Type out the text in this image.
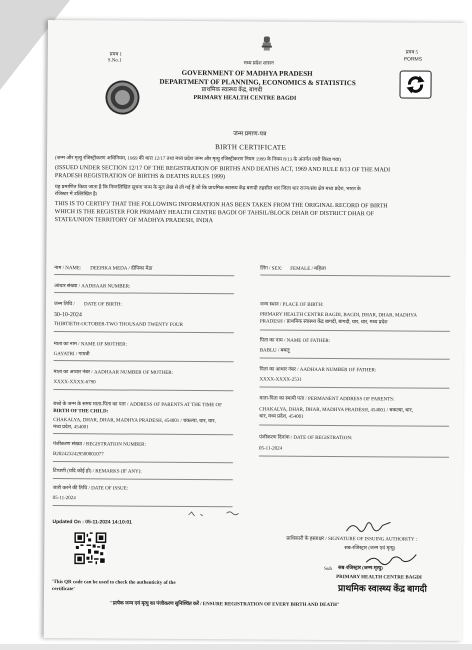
प्रपत्र 1
S.No.1
प्रपत्र 5
PORMS
मध्य प्रदेश शासन
GOVERNMENT OF MADHYA PRADESH
DEPARTMENT OF PLANNING, ECONOMICS & STATISTICS
प्राथमिक स्वास्थ्य केंद्र, बागदी
PRIMARY HEALTH CENTRE BAGDI
जन्म प्रमाण-पत्र
BIRTH CERTIFICATE
(जन्म और मृत्यु रजिस्ट्रीकरण अधिनियम, 1969 की धारा 12/17 तथा मध्य प्रदेश जन्म और मृत्यु रजिस्ट्रीकरण नियम 1999 के नियम 8/13 के अंतर्गत जारी किया गया)
(ISSUED UNDER SECTION 12/17 OF THE REGISTRATION OF BIRTHS AND DEATHS ACT, 1969 AND RULE 8/13 OF THE MADI
PRADESH REGISTRATION OF BIRTHS & DEATHS RULES 1999)
यह प्रमाणित किया जाता है कि निम्नलिखित सूचना जन्म के मूल लेख से ली गई है जो कि प्राथमिक स्वास्थ्य केंद्र बागदी तहसील धार जिला धार राज्य/संघ क्षेत्र मध्य प्रदेश, भारत के
रजिस्टर में उल्लिखित है।
THIS IS TO CERTIFY THAT THE FOLLOWING INFORMATION HAS BEEN TAKEN FROM THE ORIGINAL RECORD OF BIRTH
WHICH IS THE REGISTER FOR PRIMARY HEALTH CENTRE BAGDI OF TAHSIL/BLOCK DHAR OF DISTRICT DHAR OF
STATE/UNION TERRITORY OF MADHYA PRADESH, INDIA
नाम / NAME: DEEPIKA MEDA / दीपिका मेडा	लिंग / SEX: FEMALE / महिला
आधार संख्या / AADHAAR NUMBER:
जन्म तिथि / DATE OF BIRTH:
30-10-2024
THIRTIETH-OCTOBER-TWO THOUSAND TWENTY FOUR
जन्म स्थान / PLACE OF BIRTH:
PRIMARY HEALTH CENTRE BAGDI, BAGDI, DHAR, DHAR, MADHYA
PRADESH / प्राथमिक स्वास्थ्य केंद्र बागदी, बागदी, धार, धार, मध्य प्रदेश
माता का नाम / NAME OF MOTHER:
GAYATRI / गायत्री
पिता का नाम / NAME OF FATHER:
BABLU / बबलू
माता का आधार नंबर / AADHAAR NUMBER OF MOTHER:
XXXX-XXXX-6790
पिता का आधार नंबर / AADHAAR NUMBER OF FATHER:
XXXX-XXXX-2531
बच्चे के जन्म के समय माता-पिता का पता / ADDRESS OF PARENTS AT THE TIME OF
BIRTH OF THE CHILD:
CHAKALYA, DHAR, DHAR, MADHYA PRADESH, 454001 / चकल्या, धार, धार,
मध्य प्रदेश, 454001
माता-पिता का स्थायी पता / PERMANENT ADDRESS OF PARENTS:
CHAKALYA, DHAR, DHAR, MADHYA PRADESH, 454001 / चकल्या, धार,
धार, मध्य प्रदेश, 454001
पंजीकरण संख्या / REGISTRATION NUMBER:
B2024232429500001077
पंजीकरण दिनांक / DATE OF REGISTRATION:
05-11-2024
टिप्पणी (यदि कोई हो) / REMARKS (IF ANY):
जारी करने की तिथि / DATE OF ISSUE:
05-11-2024
Updated On : 05-11-2024 14:10:01
'This QR code can be used to check the authenticity of the
certificate'
प्राधिकारी के हस्ताक्षर / SIGNATURE OF ISSUING AUTHORITY :
सब-रजिस्ट्रार (जन्म एवं मृत्यु)
Sub सब-रजिस्ट्रार (जन्म-मृत्यु)
PRIMARY HEALTH CENTRE BAGDI
प्राथमिक स्वास्थ्य केंद्र बागदी
"प्रत्येक जन्म एवं मृत्यु का पंजीकरण सुनिश्चित करें / ENSURE REGISTRATION OF EVERY BIRTH AND DEATH"
